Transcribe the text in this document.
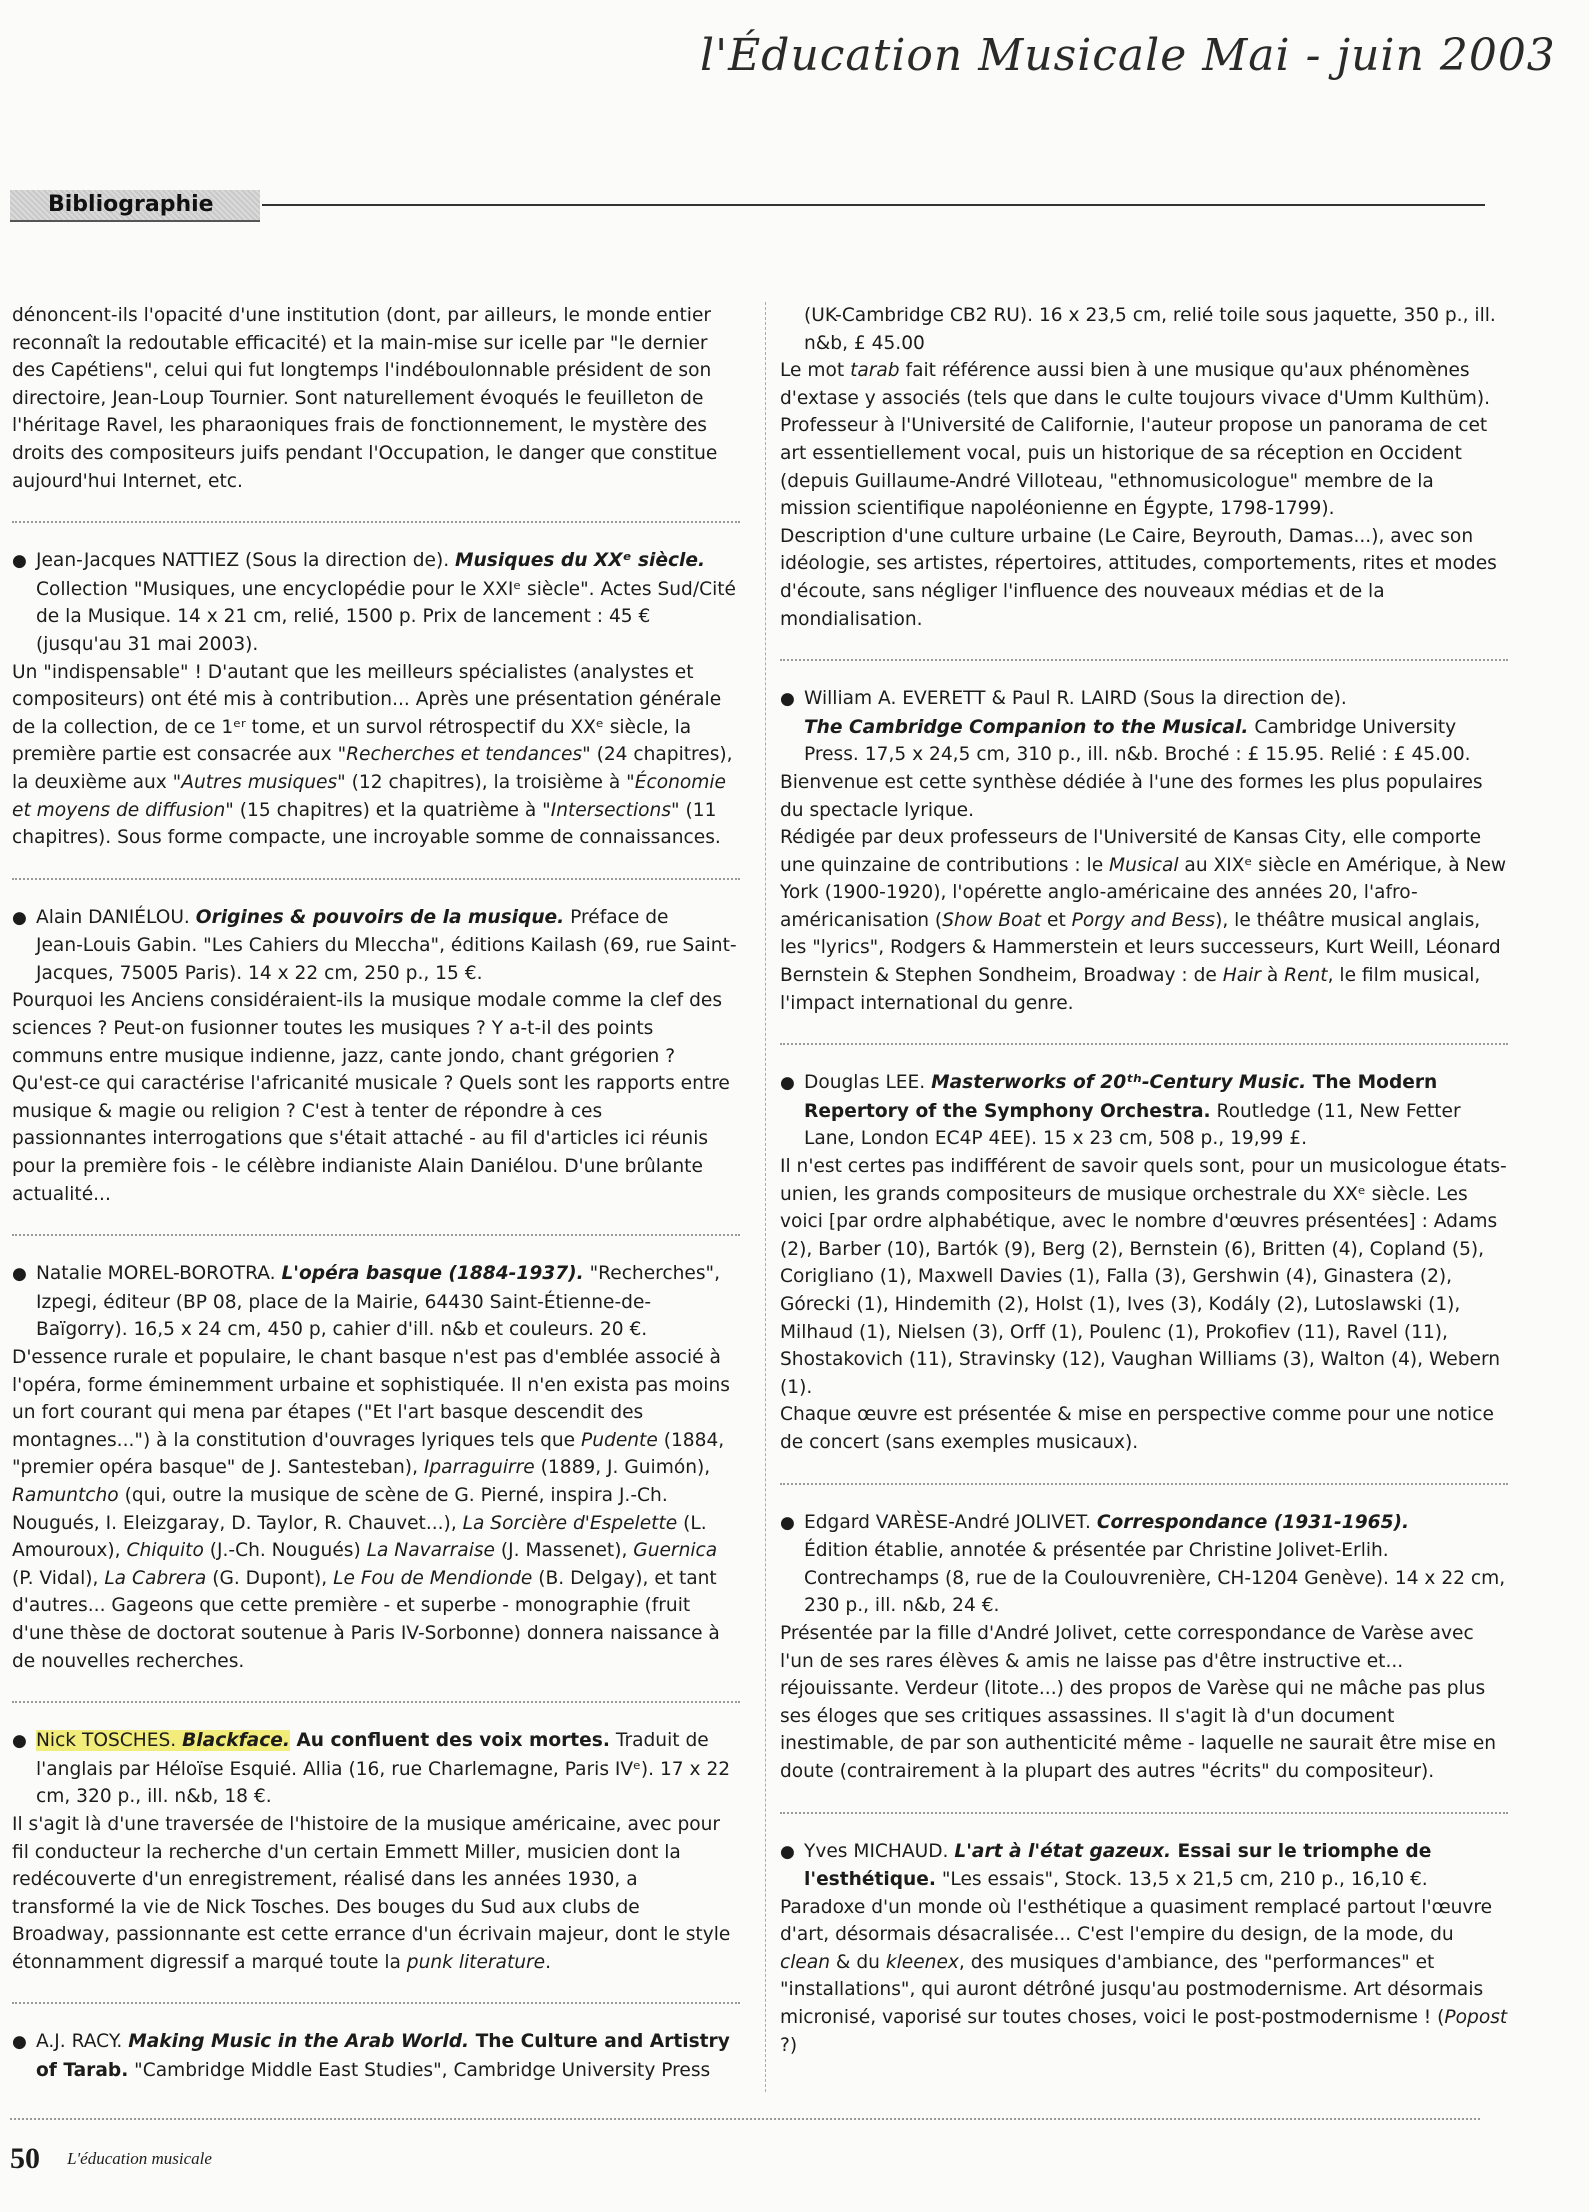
l'Éducation Musicale Mai - juin 2003
Bibliographie

dénoncent-ils l'opacité d'une institution (dont, par ailleurs, le monde entier reconnaît la redoutable efficacité) et la main-mise sur icelle par "le dernier des Capétiens", celui qui fut longtemps l'indéboulonnable président de son directoire, Jean-Loup Tournier. Sont naturellement évoqués le feuilleton de l'héritage Ravel, les pharaoniques frais de fonctionnement, le mystère des droits des compositeurs juifs pendant l'Occupation, le danger que constitue aujourd'hui Internet, etc.

● Jean-Jacques NATTIEZ (Sous la direction de). Musiques du XXᵉ siècle.

Collection "Musiques, une encyclopédie pour le XXIᵉ siècle". Actes Sud/Cité de la Musique. 14 x 21 cm, relié, 1500 p. Prix de lancement : 45 € (jusqu'au 31 mai 2003).

Un "indispensable" ! D'autant que les meilleurs spécialistes (analystes et compositeurs) ont été mis à contribution... Après une présentation générale de la collection, de ce 1ᵉʳ tome, et un survol rétrospectif du XXᵉ siècle, la première partie est consacrée aux "Recherches et tendances" (24 chapitres), la deuxième aux "Autres musiques" (12 chapitres), la troisième à "Économie et moyens de diffusion" (15 chapitres) et la quatrième à "Intersections" (11 chapitres). Sous forme compacte, une incroyable somme de connaissances.

● Alain DANIÉLOU. Origines & pouvoirs de la musique. Préface de

Jean-Louis Gabin. "Les Cahiers du Mleccha", éditions Kailash (69, rue Saint-Jacques, 75005 Paris). 14 x 22 cm, 250 p., 15 €.

Pourquoi les Anciens considéraient-ils la musique modale comme la clef des sciences ? Peut-on fusionner toutes les musiques ? Y a-t-il des points communs entre musique indienne, jazz, cante jondo, chant grégorien ? Qu'est-ce qui caractérise l'africanité musicale ? Quels sont les rapports entre musique & magie ou religion ? C'est à tenter de répondre à ces passionnantes interrogations que s'était attaché - au fil d'articles ici réunis pour la première fois - le célèbre indianiste Alain Daniélou. D'une brûlante actualité...

● Natalie MOREL-BOROTRA. L'opéra basque (1884-1937). "Recherches",

Izpegi, éditeur (BP 08, place de la Mairie, 64430 Saint-Étienne-de-Baïgorry). 16,5 x 24 cm, 450 p, cahier d'ill. n&b et couleurs. 20 €.

D'essence rurale et populaire, le chant basque n'est pas d'emblée associé à l'opéra, forme éminemment urbaine et sophistiquée. Il n'en exista pas moins un fort courant qui mena par étapes ("Et l'art basque descendit des montagnes...") à la constitution d'ouvrages lyriques tels que Pudente (1884, "premier opéra basque" de J. Santesteban), Iparraguirre (1889, J. Guimón), Ramuntcho (qui, outre la musique de scène de G. Pierné, inspira J.-Ch. Nougués, I. Eleizgaray, D. Taylor, R. Chauvet...), La Sorcière d'Espelette (L. Amouroux), Chiquito (J.-Ch. Nougués) La Navarraise (J. Massenet), Guernica (P. Vidal), La Cabrera (G. Dupont), Le Fou de Mendionde (B. Delgay), et tant d'autres... Gageons que cette première - et superbe - monographie (fruit d'une thèse de doctorat soutenue à Paris IV-Sorbonne) donnera naissance à de nouvelles recherches.

● Nick TOSCHES. Blackface. Au confluent des voix mortes. Traduit de

l'anglais par Héloïse Esquié. Allia (16, rue Charlemagne, Paris IVᵉ). 17 x 22 cm, 320 p., ill. n&b, 18 €.

Il s'agit là d'une traversée de l'histoire de la musique américaine, avec pour fil conducteur la recherche d'un certain Emmett Miller, musicien dont la redécouverte d'un enregistrement, réalisé dans les années 1930, a transformé la vie de Nick Tosches. Des bouges du Sud aux clubs de Broadway, passionnante est cette errance d'un écrivain majeur, dont le style étonnamment digressif a marqué toute la punk literature.

● A.J. RACY. Making Music in the Arab World. The Culture and Artistry of Tarab. "Cambridge Middle East Studies", Cambridge University Press

(UK-Cambridge CB2 RU). 16 x 23,5 cm, relié toile sous jaquette, 350 p., ill. n&b, £ 45.00

Le mot tarab fait référence aussi bien à une musique qu'aux phénomènes d'extase y associés (tels que dans le culte toujours vivace d'Umm Kulthüm). Professeur à l'Université de Californie, l'auteur propose un panorama de cet art essentiellement vocal, puis un historique de sa réception en Occident (depuis Guillaume-André Villoteau, "ethnomusicologue" membre de la mission scientifique napoléonienne en Égypte, 1798-1799).

Description d'une culture urbaine (Le Caire, Beyrouth, Damas...), avec son idéologie, ses artistes, répertoires, attitudes, comportements, rites et modes d'écoute, sans négliger l'influence des nouveaux médias et de la mondialisation.

● William A. EVERETT & Paul R. LAIRD (Sous la direction de).

The Cambridge Companion to the Musical. Cambridge University Press. 17,5 x 24,5 cm, 310 p., ill. n&b. Broché : £ 15.95. Relié : £ 45.00.

Bienvenue est cette synthèse dédiée à l'une des formes les plus populaires du spectacle lyrique.

Rédigée par deux professeurs de l'Université de Kansas City, elle comporte une quinzaine de contributions : le Musical au XIXᵉ siècle en Amérique, à New York (1900-1920), l'opérette anglo-américaine des années 20, l'afro-américanisation (Show Boat et Porgy and Bess), le théâtre musical anglais, les "lyrics", Rodgers & Hammerstein et leurs successeurs, Kurt Weill, Léonard Bernstein & Stephen Sondheim, Broadway : de Hair à Rent, le film musical, l'impact international du genre.

● Douglas LEE. Masterworks of 20ᵗʰ-Century Music. The Modern Repertory of the Symphony Orchestra. Routledge (11, New Fetter Lane, London EC4P 4EE). 15 x 23 cm, 508 p., 19,99 £.

Il n'est certes pas indifférent de savoir quels sont, pour un musicologue états-unien, les grands compositeurs de musique orchestrale du XXᵉ siècle. Les voici [par ordre alphabétique, avec le nombre d'œuvres présentées] : Adams (2), Barber (10), Bartók (9), Berg (2), Bernstein (6), Britten (4), Copland (5), Corigliano (1), Maxwell Davies (1), Falla (3), Gershwin (4), Ginastera (2), Górecki (1), Hindemith (2), Holst (1), Ives (3), Kodály (2), Lutoslawski (1), Milhaud (1), Nielsen (3), Orff (1), Poulenc (1), Prokofiev (11), Ravel (11), Shostakovich (11), Stravinsky (12), Vaughan Williams (3), Walton (4), Webern (1).

Chaque œuvre est présentée & mise en perspective comme pour une notice de concert (sans exemples musicaux).

● Edgard VARÈSE-André JOLIVET. Correspondance (1931-1965).

Édition établie, annotée & présentée par Christine Jolivet-Erlih. Contrechamps (8, rue de la Coulouvrenière, CH-1204 Genève). 14 x 22 cm, 230 p., ill. n&b, 24 €.

Présentée par la fille d'André Jolivet, cette correspondance de Varèse avec l'un de ses rares élèves & amis ne laisse pas d'être instructive et... réjouissante. Verdeur (litote...) des propos de Varèse qui ne mâche pas plus ses éloges que ses critiques assassines. Il s'agit là d'un document inestimable, de par son authenticité même - laquelle ne saurait être mise en doute (contrairement à la plupart des autres "écrits" du compositeur).

● Yves MICHAUD. L'art à l'état gazeux. Essai sur le triomphe de l'esthétique. "Les essais", Stock. 13,5 x 21,5 cm, 210 p., 16,10 €.

Paradoxe d'un monde où l'esthétique a quasiment remplacé partout l'œuvre d'art, désormais désacralisée... C'est l'empire du design, de la mode, du clean & du kleenex, des musiques d'ambiance, des "performances" et "installations", qui auront détrôné jusqu'au postmodernisme. Art désormais micronisé, vaporisé sur toutes choses, voici le post-postmodernisme ! (Popost ?)

50 L'éducation musicale
